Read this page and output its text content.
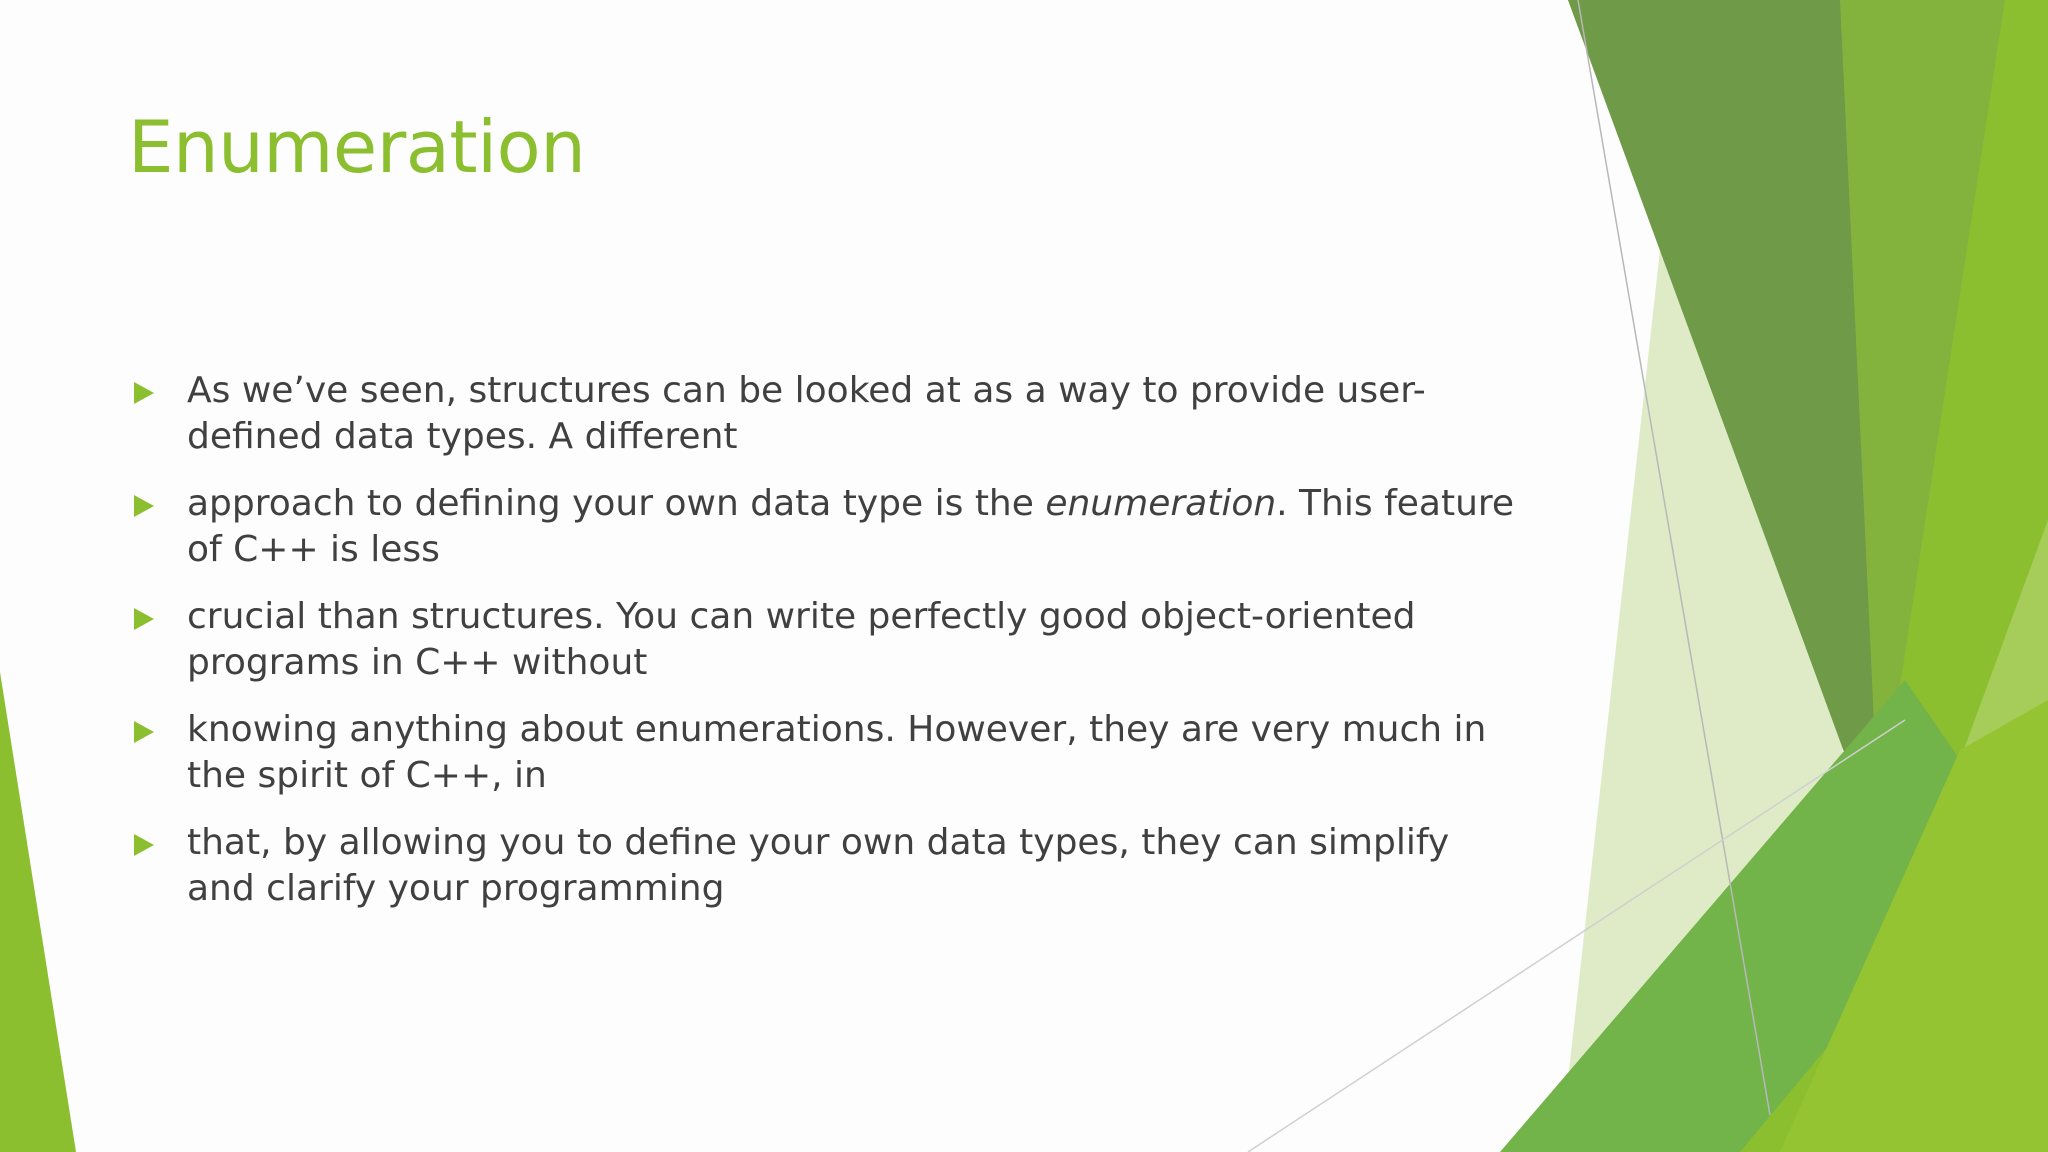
Enumeration
As we’ve seen, structures can be looked at as a way to provide user-defined data types. A different
approach to defining your own data type is the enumeration. This feature of C++ is less
crucial than structures. You can write perfectly good object-oriented programs in C++ without
knowing anything about enumerations. However, they are very much in the spirit of C++, in
that, by allowing you to define your own data types, they can simplify and clarify your programming
